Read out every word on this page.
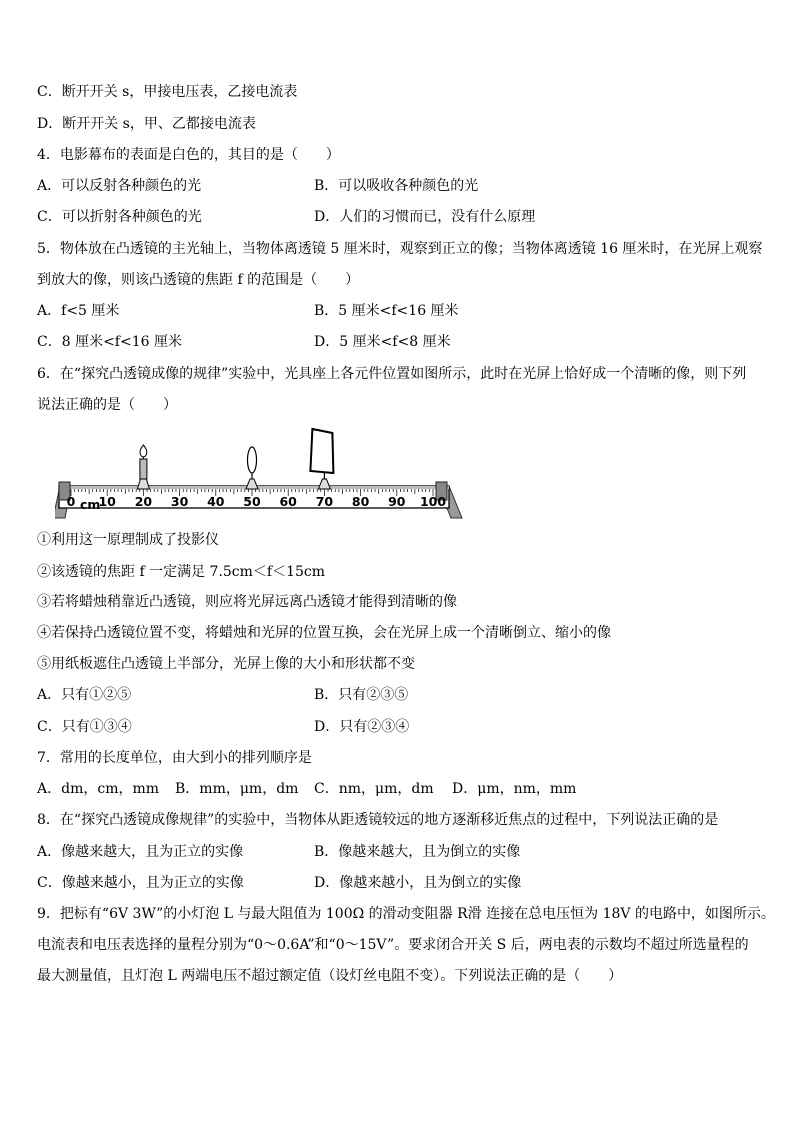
C．断开开关 s，甲接电压表，乙接电流表
D．断开开关 s，甲、乙都接电流表
4．电影幕布的表面是白色的，其目的是（　　）
A．可以反射各种颜色的光	B．可以吸收各种颜色的光
C．可以折射各种颜色的光	D．人们的习惯而已，没有什么原理
5．物体放在凸透镜的主光轴上，当物体离透镜 5 厘米时，观察到正立的像；当物体离透镜 16 厘米时，在光屏上观察
到放大的像，则该凸透镜的焦距 f 的范围是（　　）
A．f<5 厘米	B．5 厘米<f<16 厘米
C．8 厘米<f<16 厘米	D．5 厘米<f<8 厘米
6．在“探究凸透镜成像的规律”实验中，光具座上各元件位置如图所示，此时在光屏上恰好成一个清晰的像，则下列
说法正确的是（　　）
0 10 20 30 40 50 60 70 80 90 100
cm
①利用这一原理制成了投影仪
②该透镜的焦距 f 一定满足 7.5cm＜f＜15cm
③若将蜡烛稍靠近凸透镜，则应将光屏远离凸透镜才能得到清晰的像
④若保持凸透镜位置不变，将蜡烛和光屏的位置互换，会在光屏上成一个清晰倒立、缩小的像
⑤用纸板遮住凸透镜上半部分，光屏上像的大小和形状都不变
A．只有①②⑤	B．只有②③⑤
C．只有①③④	D．只有②③④
7．常用的长度单位，由大到小的排列顺序是
A．dm，cm，mm B．mm，μm，dm C．nm，μm，dm D．μm，nm，mm
8．在“探究凸透镜成像规律”的实验中，当物体从距透镜较远的地方逐渐移近焦点的过程中，下列说法正确的是
A．像越来越大，且为正立的实像	B．像越来越大，且为倒立的实像
C．像越来越小，且为正立的实像	D．像越来越小，且为倒立的实像
9．把标有“6V 3W”的小灯泡 L 与最大阻值为 100Ω 的滑动变阻器 R滑 连接在总电压恒为 18V 的电路中，如图所示。
电流表和电压表选择的量程分别为“0～0.6A”和“0～15V”。要求闭合开关 S 后，两电表的示数均不超过所选量程的
最大测量值，且灯泡 L 两端电压不超过额定值（设灯丝电阻不变）。下列说法正确的是（　　）
